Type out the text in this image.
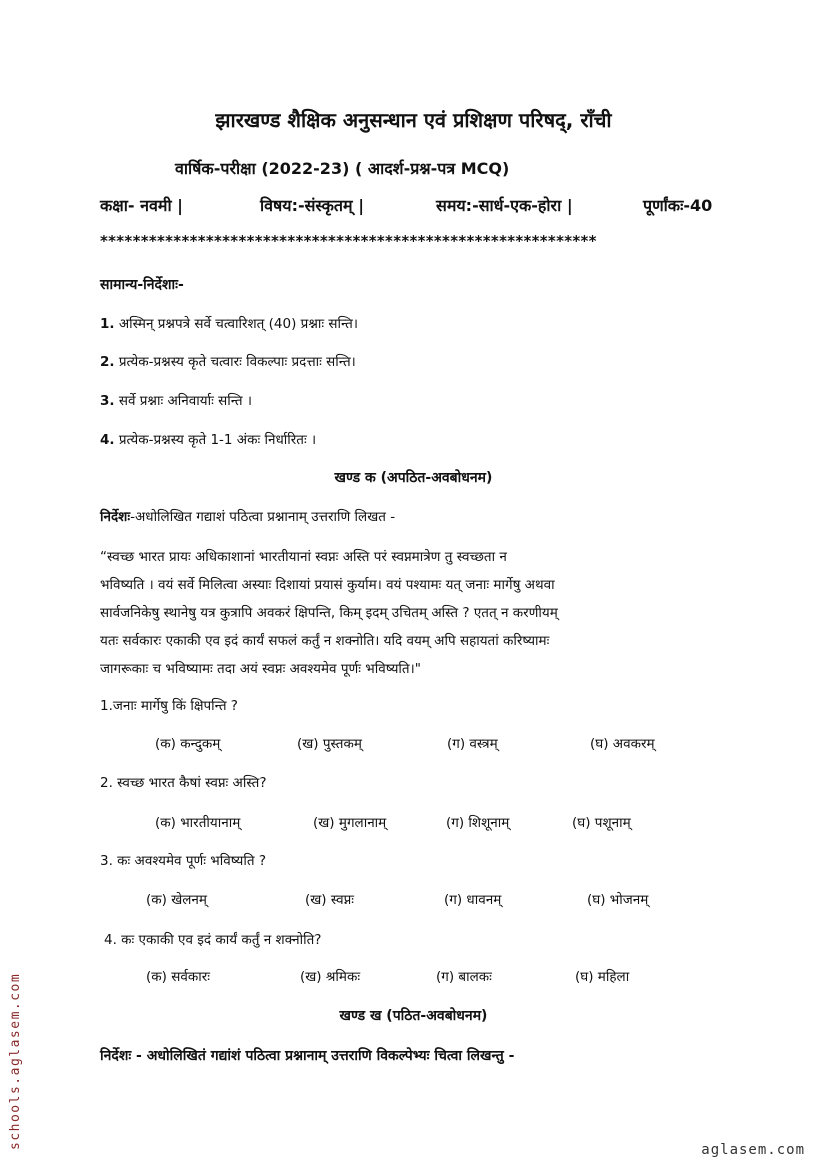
झारखण्ड शैक्षिक अनुसन्धान एवं प्रशिक्षण परिषद्, राँची
वार्षिक-परीक्षा (2022-23) ( आदर्श-प्रश्न-पत्र MCQ)
कक्षा- नवमी |	विषय:-संस्कृतम् |	समय:-सार्ध-एक-होरा |	पूर्णांकः-40
*************************************************************
सामान्य-निर्देशाः-
1. अस्मिन् प्रश्नपत्रे सर्वे चत्वारिशत् (40) प्रश्नाः सन्ति।
2. प्रत्येक-प्रश्नस्य कृते चत्वारः विकल्पाः प्रदत्ताः सन्ति।
3. सर्वे प्रश्नाः अनिवार्याः सन्ति ।
4. प्रत्येक-प्रश्नस्य कृते 1-1 अंकः निर्धारितः ।
खण्ड क (अपठित-अवबोधनम)
निर्देशः-अधोलिखित गद्याशं पठित्वा प्रश्नानाम् उत्तराणि लिखत -
“स्वच्छ भारत प्रायः अधिकाशानां भारतीयानां स्वप्नः अस्ति परं स्वप्नमात्रेण तु स्वच्छता न
भविष्यति । वयं सर्वे मिलित्वा अस्याः दिशायां प्रयासं कुर्याम। वयं पश्यामः यत् जनाः मार्गेषु अथवा
सार्वजनिकेषु स्थानेषु यत्र कुत्रापि अवकरं क्षिपन्ति, किम् इदम् उचितम् अस्ति ? एतत् न करणीयम्
यतः सर्वकारः एकाकी एव इदं कार्यं सफलं कर्तुं न शक्नोति। यदि वयम् अपि सहायतां करिष्यामः
जागरूकाः च भविष्यामः तदा अयं स्वप्नः अवश्यमेव पूर्णः भविष्यति।"
1.जनाः मार्गेषु किं क्षिपन्ति ?
(क) कन्दुकम्	(ख) पुस्तकम्	(ग) वस्त्रम्	(घ) अवकरम्
2. स्वच्छ भारत कैषां स्वप्नः अस्ति?
(क) भारतीयानाम्	(ख) मुगलानाम्	(ग) शिशूनाम्	(घ) पशूनाम्
3. कः अवश्यमेव पूर्णः भविष्यति ?
(क) खेलनम्	(ख) स्वप्नः	(ग) धावनम्	(घ) भोजनम्
4. कः एकाकी एव इदं कार्यं कर्तुं न शक्नोति?
(क) सर्वकारः	(ख) श्रमिकः	(ग) बालकः	(घ) महिला
खण्ड ख (पठित-अवबोधनम)
निर्देशः - अधोलिखितं गद्यांशं पठित्वा प्रश्नानाम् उत्तराणि विकल्पेभ्यः चित्वा लिखन्तु -
schools.aglasem.com	aglasem.com
